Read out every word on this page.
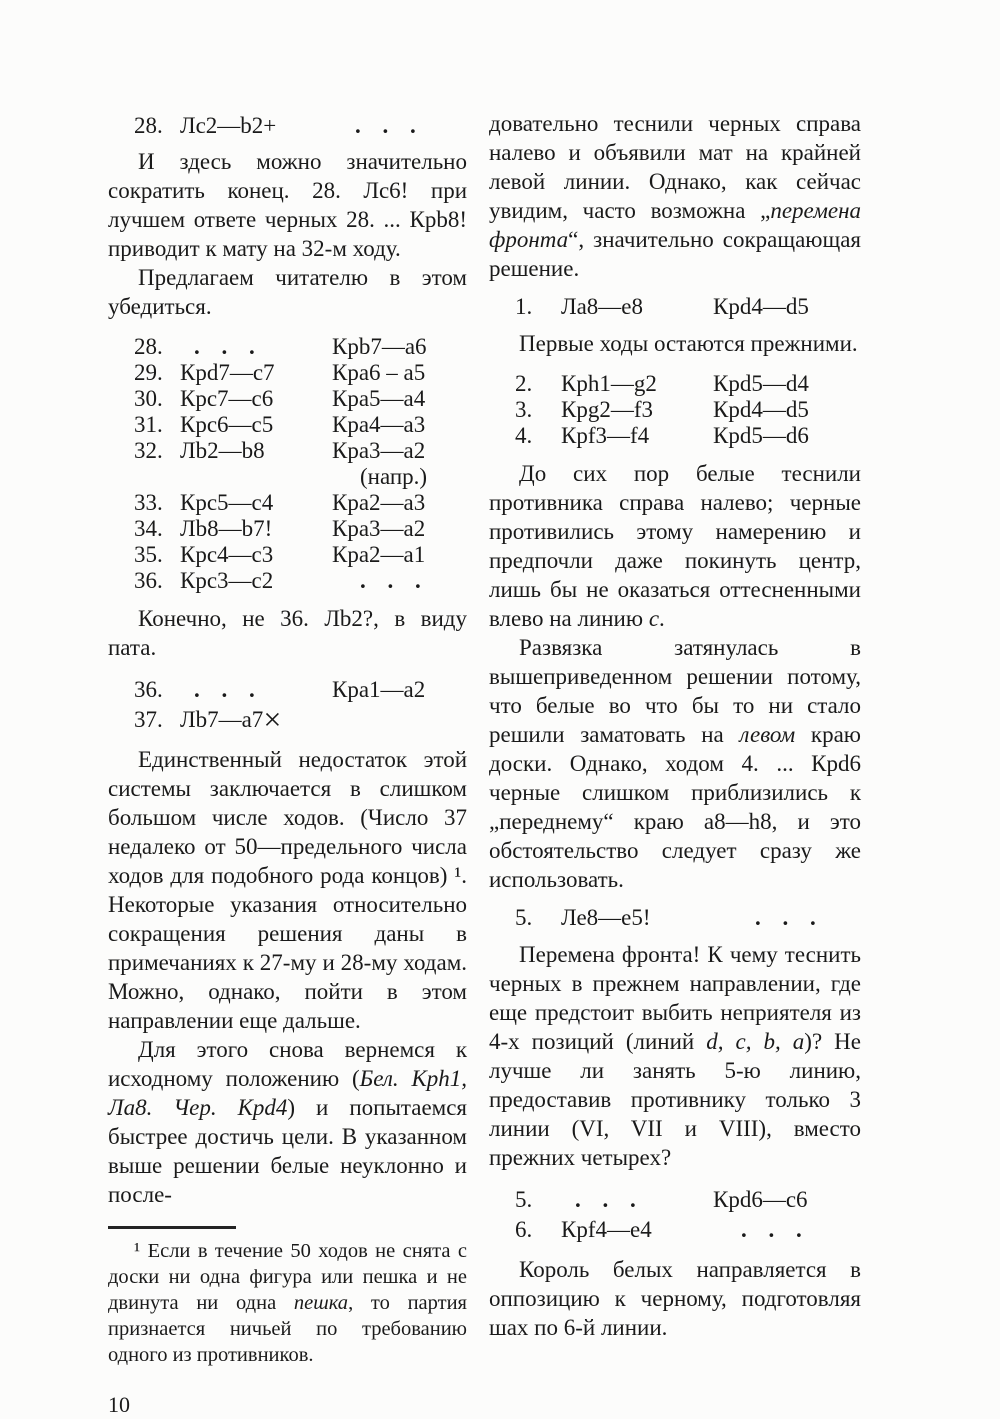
28. Лc2—b2+	. . .

И здесь можно значительно сократить конец. 28. Лc6! при лучшем ответе черных 28. ... Крb8! приводит к мату на 32-м ходу.

Предлагаем читателю в этом убедиться.

28. . . .	Крb7—a6
29. Крd7—c7 Крa6 – a5
30. Крc7—c6	Крa5—a4
31. Крc6—c5	Крa4—a3
32. Лb2—b8	Крa3—a2
(напр.)
33. Крc5—c4	Крa2—a3
34. Лb8—b7!	Крa3—a2
35. Крc4—c3	Крa2—a1
36. Крc3—c2	. . .

Конечно, не 36. Лb2?, в виду пата.

36. . . .	Крa1—a2
37. Лb7—a7×

Единственный недостаток этой системы заключается в слишком большом числе ходов. (Число 37 недалеко от 50—предельного числа ходов для подобного рода концов) ¹. Некоторые указания относительно сокращения решения даны в примечаниях к 27-му и 28-му ходам. Можно, однако, пойти в этом направлении еще дальше.

Для этого снова вернемся к исходному положению (Бел. Крh1, Ла8. Чер. Крd4) и попытаемся быстрее достичь цели. В указанном выше решении белые неуклонно и после-

¹ Если в течение 50 ходов не снята с доски ни одна фигура или пешка и не двинута ни одна пешка, то партия признается ничьей по требованию одного из противников.

10

довательно теснили черных справа налево и объявили мат на крайней левой линии. Однако, как сейчас увидим, часто возможна „перемена фронта“, значительно сокращающая решение.

1. Ла8—e8	Крd4—d5

Первые ходы остаются прежними.

2. Крh1—g2 Крd5—d4
3. Крg2—f3	Крd4—d5
4. Крf3—f4	Крd5—d6

До сих пор белые теснили противника справа налево; черные противились этому намерению и предпочли даже покинуть центр, лишь бы не оказаться оттесненными влево на линию c.

Развязка затянулась в вышеприведенном решении потому, что белые во что бы то ни стало решили заматовать на левом краю доски. Однако, ходом 4. ... Крd6 черные слишком приблизились к „переднему“ краю a8—h8, и это обстоятельство следует сразу же использовать.

5. Ле8—e5!	. . .

Перемена фронта! К чему теснить черных в прежнем направлении, где еще предстоит выбить неприятеля из 4-х позиций (линий d, c, b, a)? Не лучше ли занять 5-ю линию, предоставив противнику только 3 линии (VI, VII и VIII), вместо прежних четырех?

5. . . .	Крd6—c6
6. Крf4—e4	. . .

Король белых направляется в оппозицию к черному, подготовляя шах по 6-й линии.
